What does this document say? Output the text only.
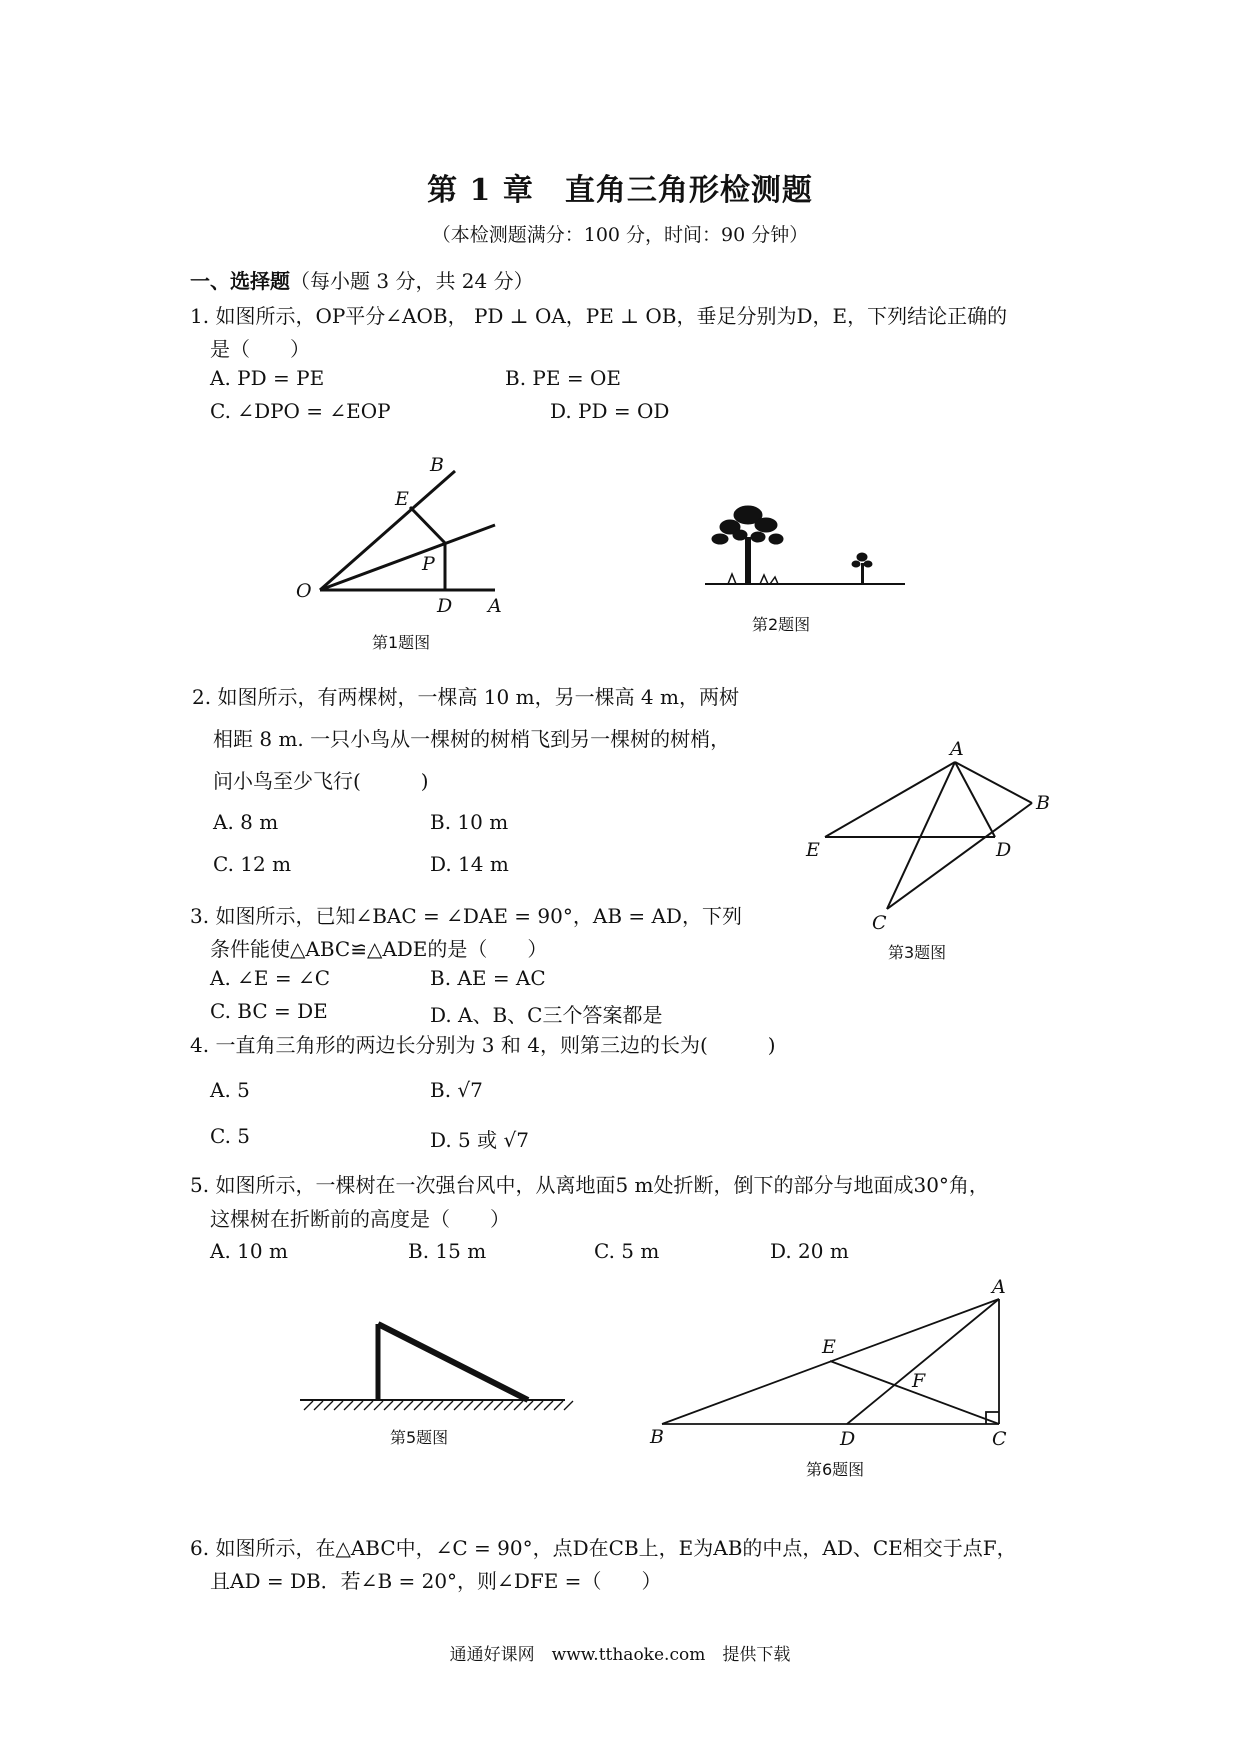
第 1 章　直角三角形检测题
（本检测题满分：100 分，时间：90 分钟）
一、选择题（每小题 3 分，共 24 分）
1. 如图所示，OP平分∠AOB， PD ⊥ OA，PE ⊥ OB，垂足分别为D，E，下列结论正确的
是（　　）
A. PD = PE	B. PE = OE
C. ∠DPO = ∠EOP	D. PD = OD
B
E
P
O
D A
第1题图
第2题图
2. 如图所示，有两棵树，一棵高 10 m，另一棵高 4 m，两树
相距 8 m. 一只小鸟从一棵树的树梢飞到另一棵树的树梢，
问小鸟至少飞行(　　　)
A. 8 m	B. 10 m
C. 12 m	D. 14 m
A
B
D
E
C
第3题图
3. 如图所示，已知∠BAC = ∠DAE = 90°，AB = AD，下列
条件能使△ABC≌△ADE的是（　　）
A. ∠E = ∠C	B. AE = AC
C. BC = DE	D. A、B、C三个答案都是
4. 一直角三角形的两边长分别为 3 和 4，则第三边的长为(　　　)
A. 5	B. √7
C. 5	D. 5 或 √7
5. 如图所示，一棵树在一次强台风中，从离地面5 m处折断，倒下的部分与地面成30°角，
这棵树在折断前的高度是（　　）
A. 10 m	B. 15 m	C. 5 m	D. 20 m
第5题图
A
E
F
B	D	C
第6题图
6. 如图所示，在△ABC中，∠C = 90°，点D在CB上，E为AB的中点，AD、CE相交于点F，
且AD = DB．若∠B = 20°，则∠DFE =（　　）
通通好课网　www.tthaoke.com　提供下载
